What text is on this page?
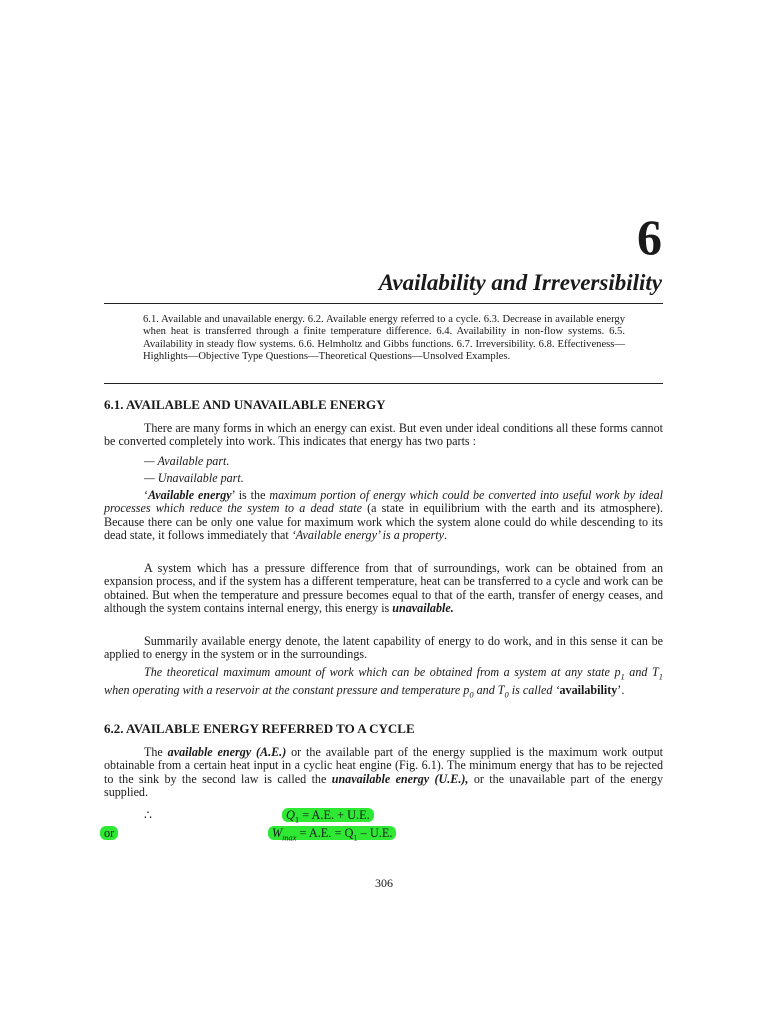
6
Availability and Irreversibility
6.1. Available and unavailable energy. 6.2. Available energy referred to a cycle. 6.3. Decrease in available energy when heat is transferred through a finite temperature difference. 6.4. Availability in non-flow systems. 6.5. Availability in steady flow systems. 6.6. Helmholtz and Gibbs functions. 6.7. Irreversibility. 6.8. Effectiveness—Highlights—Objective Type Questions—Theoretical Questions—Unsolved Examples.
6.1. AVAILABLE AND UNAVAILABLE ENERGY
There are many forms in which an energy can exist. But even under ideal conditions all these forms cannot be converted completely into work. This indicates that energy has two parts :
— Available part.
— Unavailable part.
‘Available energy’ is the maximum portion of energy which could be converted into useful work by ideal processes which reduce the system to a dead state (a state in equilibrium with the earth and its atmosphere). Because there can be only one value for maximum work which the system alone could do while descending to its dead state, it follows immediately that ‘Available energy’ is a property.
A system which has a pressure difference from that of surroundings, work can be obtained from an expansion process, and if the system has a different temperature, heat can be transferred to a cycle and work can be obtained. But when the temperature and pressure becomes equal to that of the earth, transfer of energy ceases, and although the system contains internal energy, this energy is unavailable.
Summarily available energy denote, the latent capability of energy to do work, and in this sense it can be applied to energy in the system or in the surroundings.
The theoretical maximum amount of work which can be obtained from a system at any state $p_1$ and $T_1$ when operating with a reservoir at the constant pressure and temperature $p_0$ and $T_0$ is called ‘availability’.
6.2. AVAILABLE ENERGY REFERRED TO A CYCLE
The available energy (A.E.) or the available part of the energy supplied is the maximum work output obtainable from a certain heat input in a cyclic heat engine (Fig. 6.1). The minimum energy that has to be rejected to the sink by the second law is called the unavailable energy (U.E.), or the unavailable part of the energy supplied.
∴	$Q_1 = A.E$. + U.E.
or	$W_{max} = A.E$. = $Q_1 - U.E$.
306
